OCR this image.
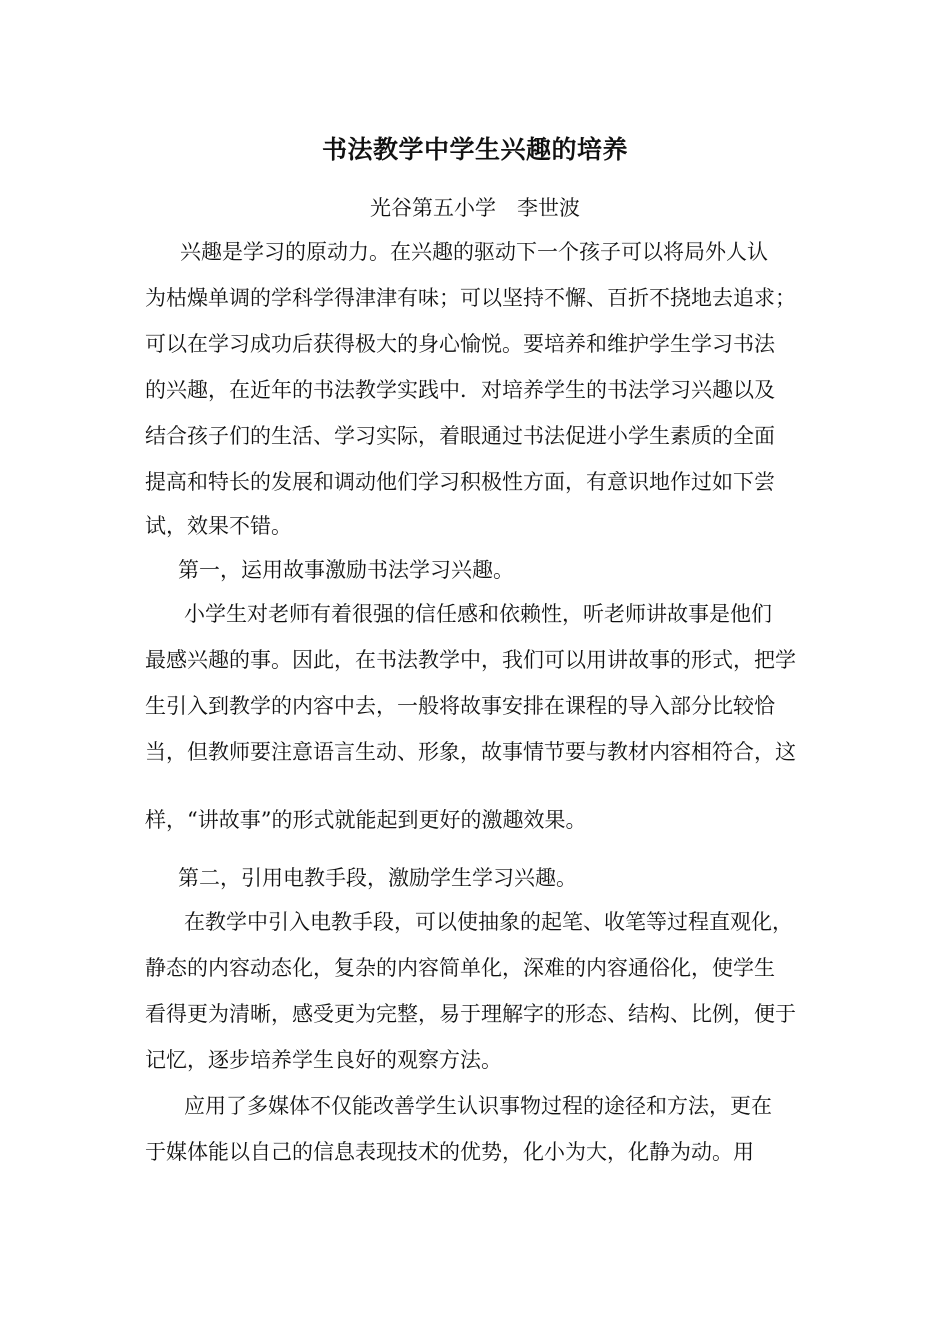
书法教学中学生兴趣的培养
光谷第五小学　李世波
兴趣是学习的原动力。在兴趣的驱动下一个孩子可以将局外人认
为枯燥单调的学科学得津津有味；可以坚持不懈、百折不挠地去追求；
可以在学习成功后获得极大的身心愉悦。要培养和维护学生学习书法
的兴趣，在近年的书法教学实践中．对培养学生的书法学习兴趣以及
结合孩子们的生活、学习实际，着眼通过书法促进小学生素质的全面
提高和特长的发展和调动他们学习积极性方面，有意识地作过如下尝
试，效果不错。
第一，运用故事激励书法学习兴趣。
小学生对老师有着很强的信任感和依赖性，听老师讲故事是他们
最感兴趣的事。因此，在书法教学中，我们可以用讲故事的形式，把学
生引入到教学的内容中去，一般将故事安排在课程的导入部分比较恰
当，但教师要注意语言生动、形象，故事情节要与教材内容相符合，这
样，“讲故事”的形式就能起到更好的激趣效果。
第二，引用电教手段，激励学生学习兴趣。
在教学中引入电教手段，可以使抽象的起笔、收笔等过程直观化，
静态的内容动态化，复杂的内容简单化，深难的内容通俗化，使学生
看得更为清晰，感受更为完整，易于理解字的形态、结构、比例，便于
记忆，逐步培养学生良好的观察方法。
应用了多媒体不仅能改善学生认识事物过程的途径和方法，更在
于媒体能以自己的信息表现技术的优势，化小为大，化静为动。用
